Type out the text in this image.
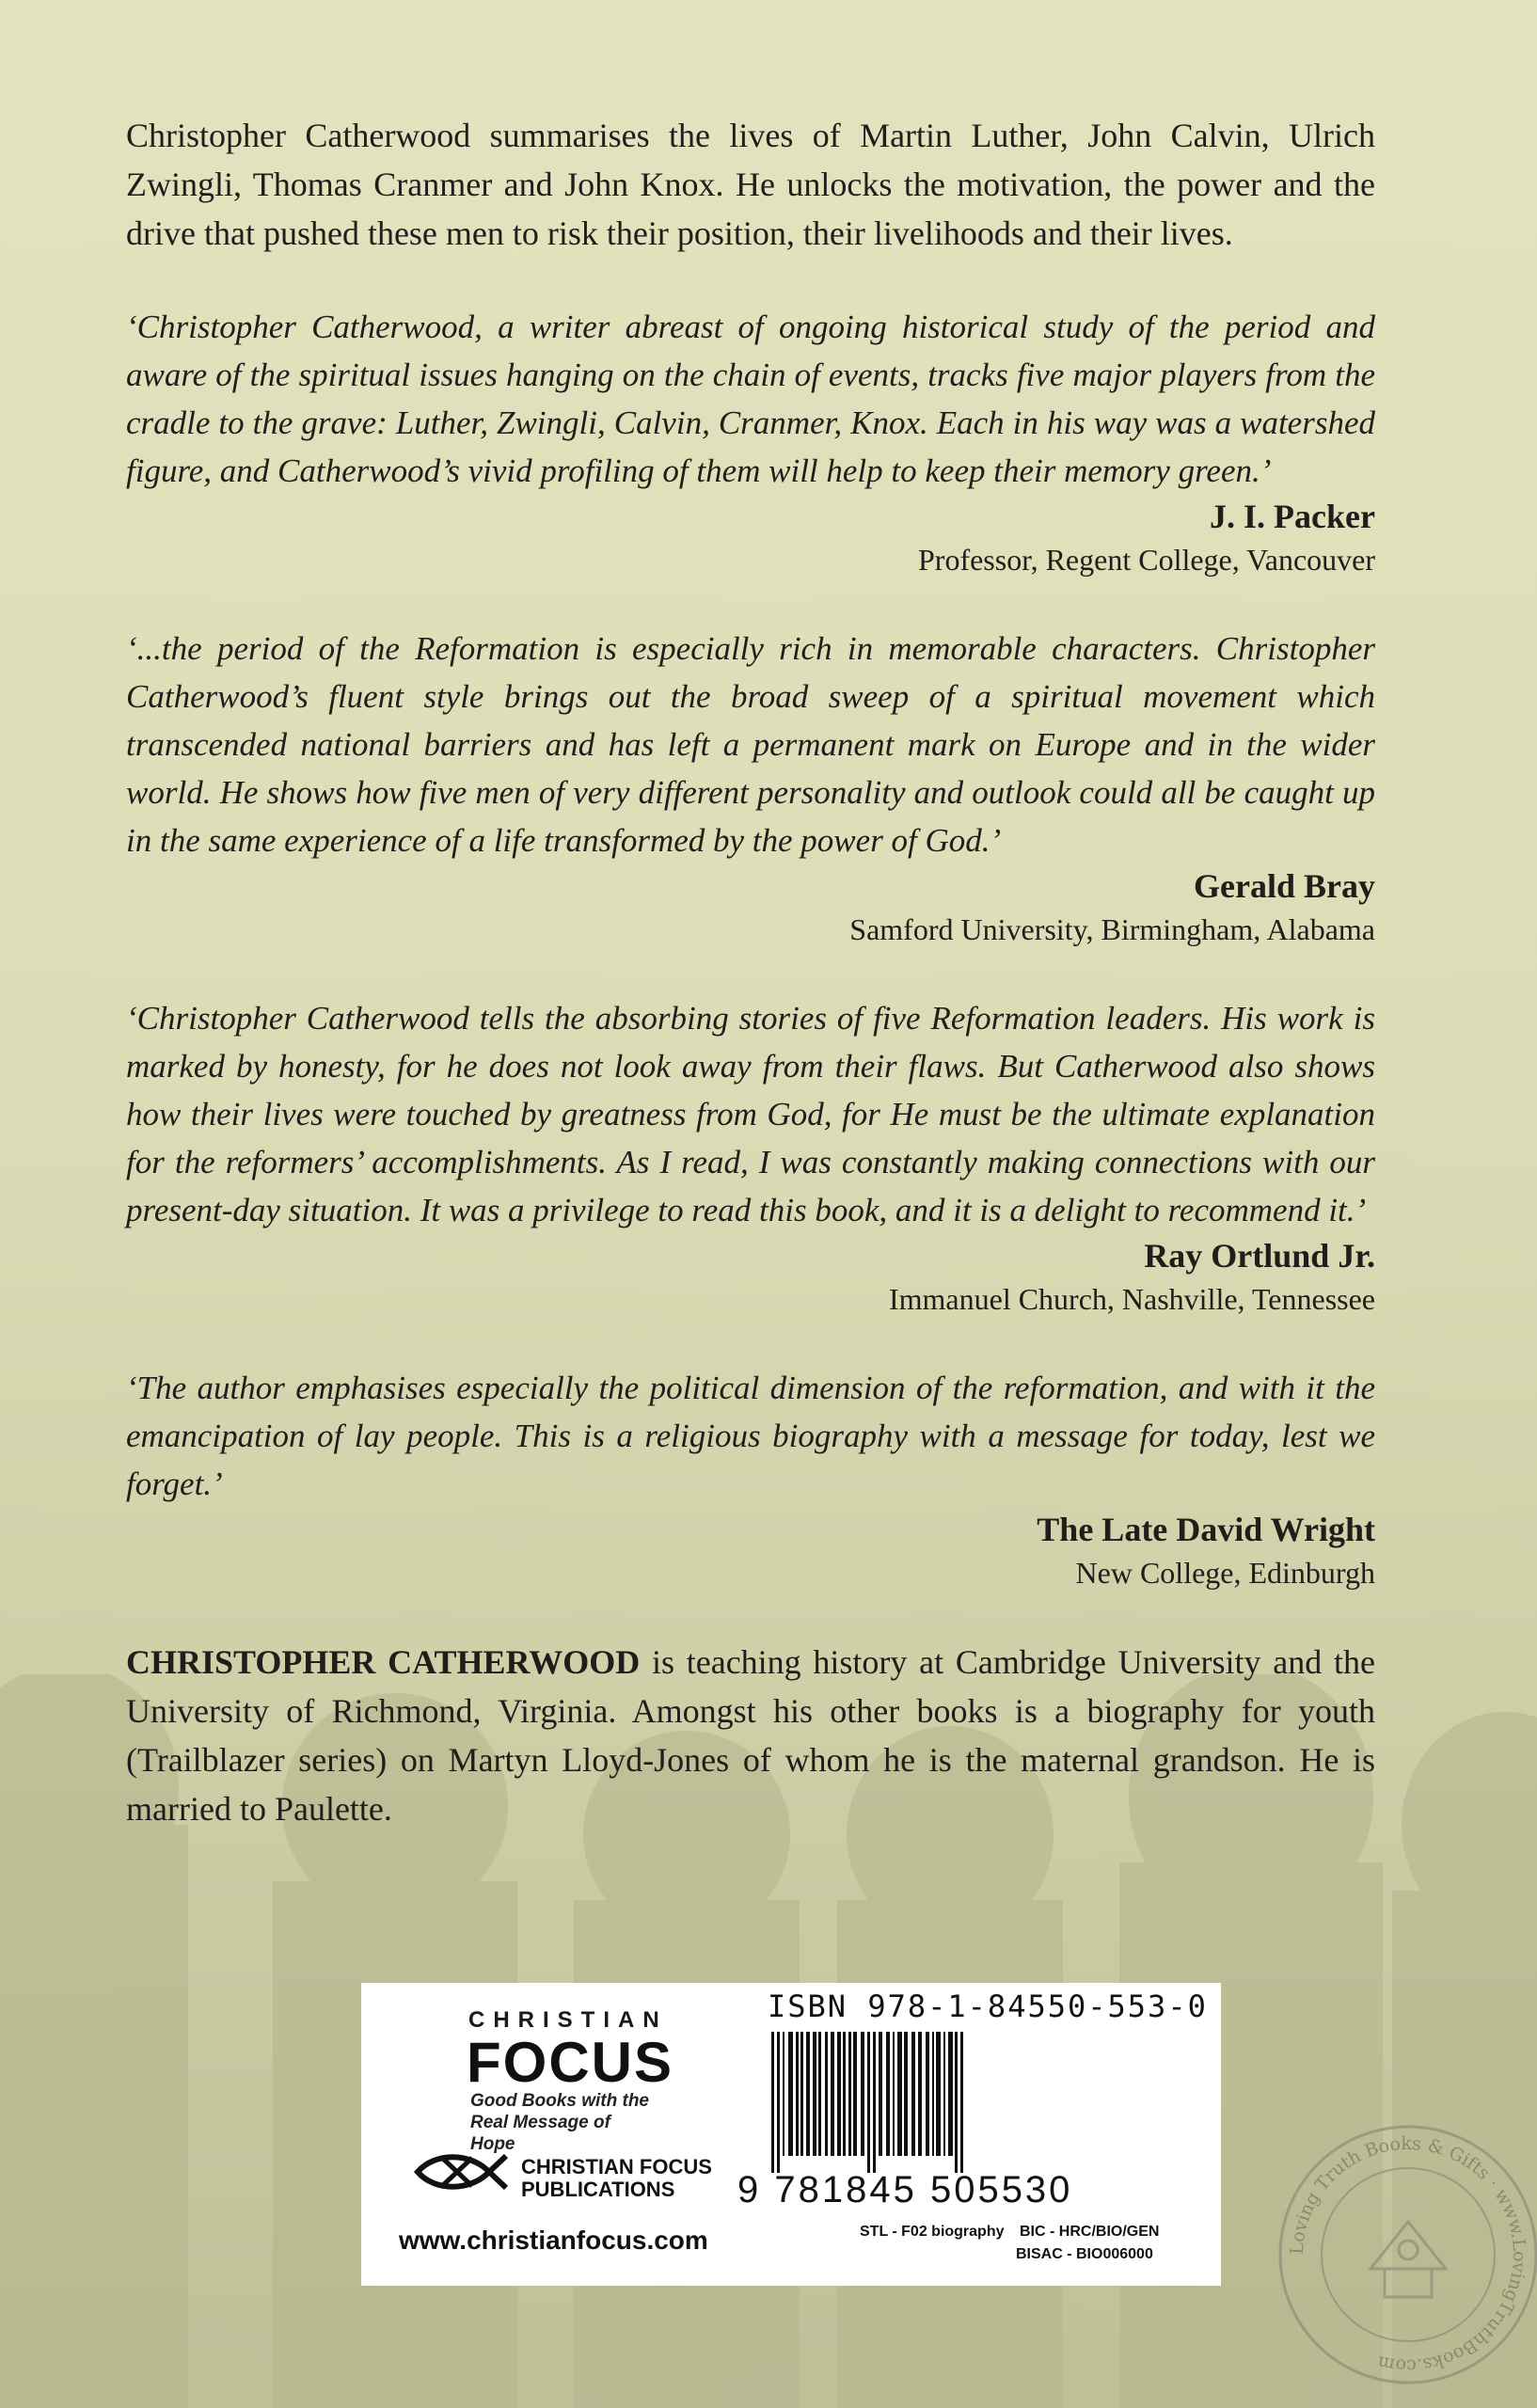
Christopher Catherwood summarises the lives of Martin Luther, John Calvin, Ulrich Zwingli, Thomas Cranmer and John Knox. He unlocks the motivation, the power and the drive that pushed these men to risk their position, their livelihoods and their lives.

‘Christopher Catherwood, a writer abreast of ongoing historical study of the period and aware of the spiritual issues hanging on the chain of events, tracks five major players from the cradle to the grave: Luther, Zwingli, Calvin, Cranmer, Knox. Each in his way was a watershed figure, and Catherwood’s vivid profiling of them will help to keep their memory green.’

J. I. Packer

Professor, Regent College, Vancouver

‘...the period of the Reformation is especially rich in memorable characters. Christopher Catherwood’s fluent style brings out the broad sweep of a spiritual movement which transcended national barriers and has left a permanent mark on Europe and in the wider world. He shows how five men of very different personality and outlook could all be caught up in the same experience of a life transformed by the power of God.’

Gerald Bray

Samford University, Birmingham, Alabama

‘Christopher Catherwood tells the absorbing stories of five Reformation leaders. His work is marked by honesty, for he does not look away from their flaws. But Catherwood also shows how their lives were touched by greatness from God, for He must be the ultimate explanation for the reformers’ accomplishments. As I read, I was constantly making connections with our present-day situation. It was a privilege to read this book, and it is a delight to recommend it.’

Ray Ortlund Jr.

Immanuel Church, Nashville, Tennessee

‘The author emphasises especially the political dimension of the reformation, and with it the emancipation of lay people. This is a religious biography with a message for today, lest we forget.’

The Late David Wright

New College, Edinburgh

CHRISTOPHER CATHERWOOD is teaching history at Cambridge University and the University of Richmond, Virginia. Amongst his other books is a biography for youth (Trailblazer series) on Martyn Lloyd-Jones of whom he is the maternal grandson. He is married to Paulette.

CHRISTIAN
FOCUS
Good Books with the Real Message of Hope
CHRISTIAN FOCUS
PUBLICATIONS
www.christianfocus.com
ISBN 978-1-84550-553-0
9 781845 505530
STL - F02 biography BIC - HRC/BIO/GEN
BISAC - BIO006000	Loving Truth Books & Gifts · www.LovingTruthBooks.com
